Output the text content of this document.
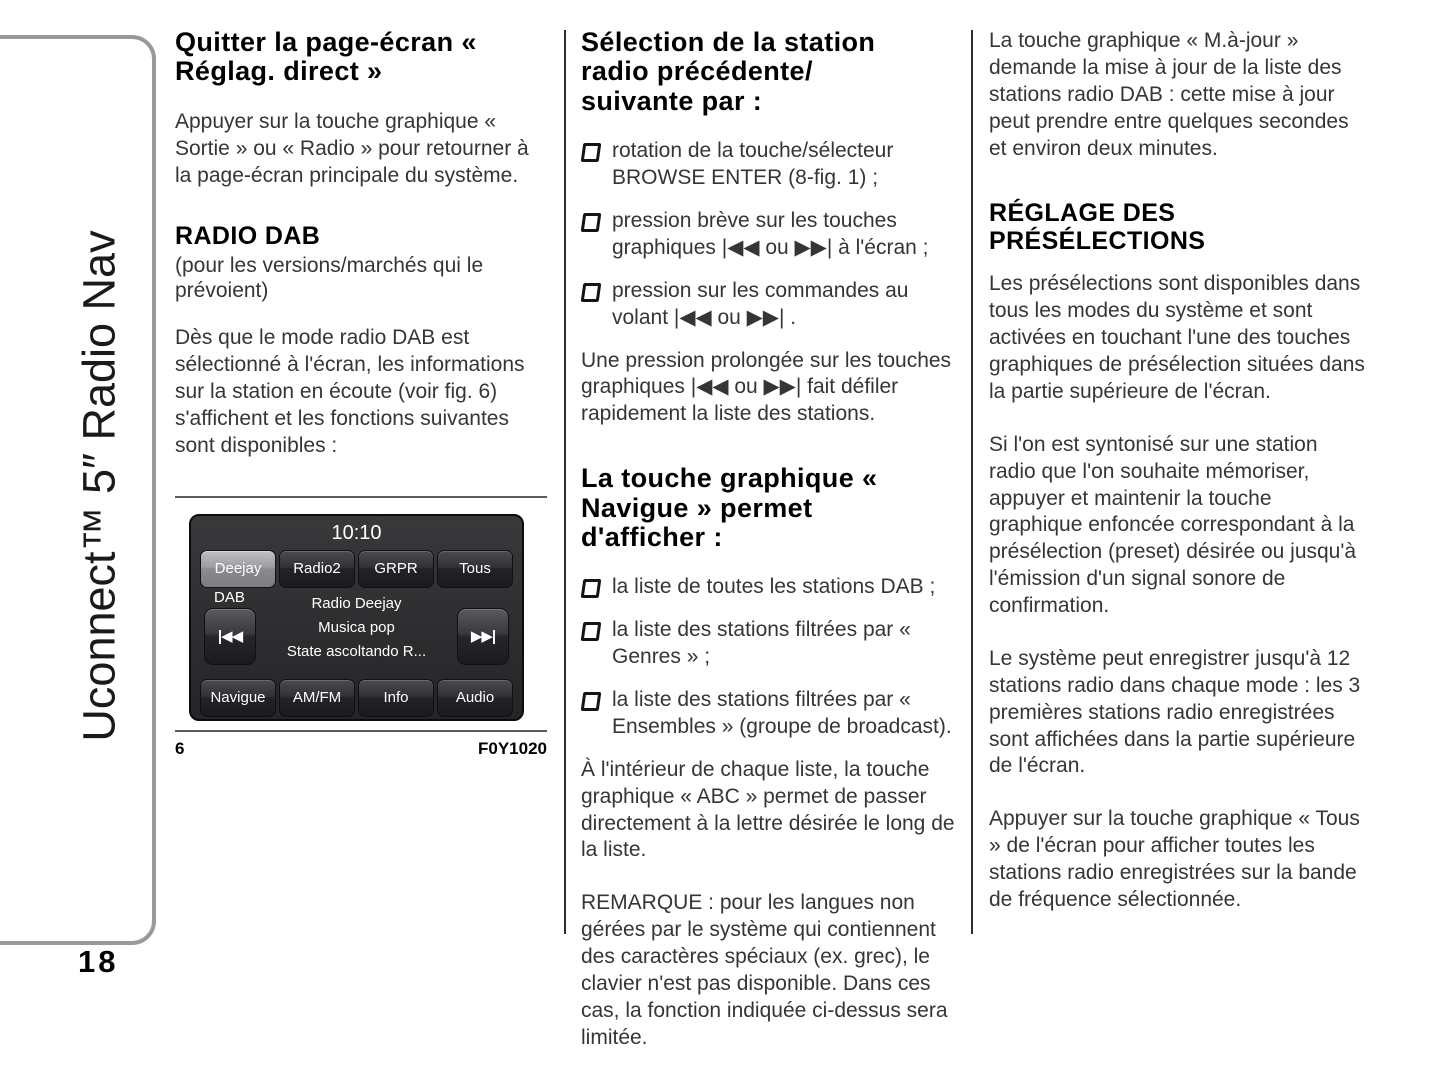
Uconnect™ 5″ Radio Nav
18
Quitter la page-écran «
Réglag. direct »

Appuyer sur la touche graphique « Sortie » ou « Radio » pour retourner à la page-écran principale du système.

RADIO DAB
(pour les versions/marchés qui le prévoient)

Dès que le mode radio DAB est sélectionné à l'écran, les informations sur la station en écoute (voir fig. 6) s'affichent et les fonctions suivantes sont disponibles :

10:10
Deejay	Radio2	GRPR	Tous
DAB
|◀◀
Radio Deejay
Musica pop
State ascoltando R...
▶▶|
Navigue	AM/FM	Info	Audio
6	F0Y1020
Sélection de la station
radio précédente/
suivante par :
rotation de la touche/sélecteur BROWSE ENTER (8-fig. 1) ;
pression brève sur les touches graphiques |◀◀ ou ▶▶| à l'écran ;
pression sur les commandes au volant |◀◀ ou ▶▶| .

Une pression prolongée sur les touches graphiques |◀◀ ou ▶▶| fait défiler rapidement la liste des stations.

La touche graphique «
Navigue » permet
d'afficher :
la liste de toutes les stations DAB ;
la liste des stations filtrées par « Genres » ;
la liste des stations filtrées par « Ensembles » (groupe de broadcast).

À l'intérieur de chaque liste, la touche graphique « ABC » permet de passer directement à la lettre désirée le long de la liste.

REMARQUE : pour les langues non gérées par le système qui contiennent des caractères spéciaux (ex. grec), le clavier n'est pas disponible. Dans ces cas, la fonction indiquée ci-dessus sera limitée.

La touche graphique « M.à-jour » demande la mise à jour de la liste des stations radio DAB : cette mise à jour peut prendre entre quelques secondes et environ deux minutes.

RÉGLAGE DES
PRÉSÉLECTIONS

Les présélections sont disponibles dans tous les modes du système et sont activées en touchant l'une des touches graphiques de présélection situées dans la partie supérieure de l'écran.

Si l'on est syntonisé sur une station radio que l'on souhaite mémoriser, appuyer et maintenir la touche graphique enfoncée correspondant à la présélection (preset) désirée ou jusqu'à l'émission d'un signal sonore de confirmation.

Le système peut enregistrer jusqu'à 12 stations radio dans chaque mode : les 3 premières stations radio enregistrées sont affichées dans la partie supérieure de l'écran.

Appuyer sur la touche graphique « Tous » de l'écran pour afficher toutes les stations radio enregistrées sur la bande de fréquence sélectionnée.
